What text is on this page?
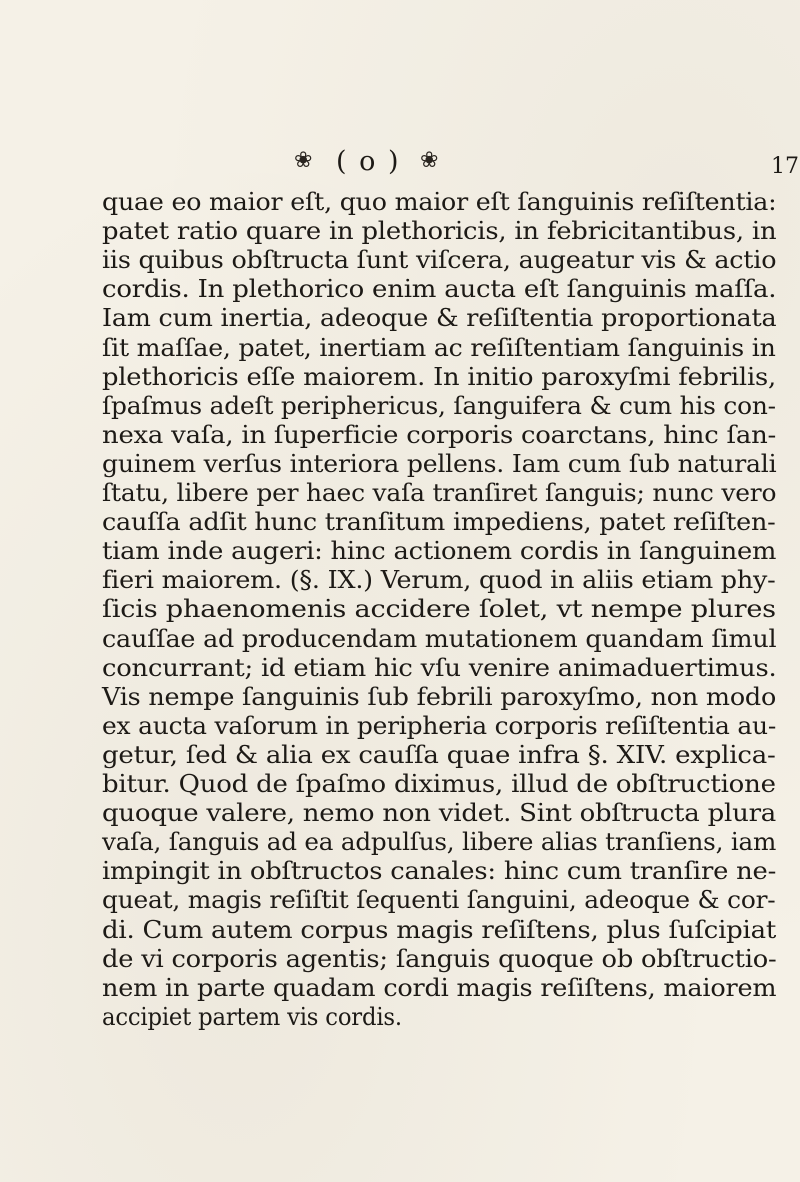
❀ ( o ) ❀	17
quae eo maior eſt, quo maior eſt ſanguinis reſiſtentia:
patet ratio quare in plethoricis, in febricitantibus, in
iis quibus obſtructa ſunt viſcera, augeatur vis & actio
cordis. In plethorico enim aucta eſt ſanguinis maſſa.
Iam cum inertia, adeoque & reſiſtentia proportionata
ſit maſſae, patet, inertiam ac reſiſtentiam ſanguinis in
plethoricis eſſe maiorem. In initio paroxyſmi febrilis,
ſpaſmus adeſt periphericus, ſanguifera & cum his con-
nexa vaſa, in ſuperficie corporis coarctans, hinc ſan-
guinem verſus interiora pellens. Iam cum ſub naturali
ſtatu, libere per haec vaſa tranſiret ſanguis; nunc vero
cauſſa adſit hunc tranſitum impediens, patet reſiſten-
tiam inde augeri: hinc actionem cordis in ſanguinem
fieri maiorem. (§. IX.) Verum, quod in aliis etiam phy-
ſicis phaenomenis accidere ſolet, vt nempe plures
cauſſae ad producendam mutationem quandam ſimul
concurrant; id etiam hic vſu venire animaduertimus.
Vis nempe ſanguinis ſub febrili paroxyſmo, non modo
ex aucta vaſorum in peripheria corporis reſiſtentia au-
getur, ſed & alia ex cauſſa quae infra §. XIV. explica-
bitur. Quod de ſpaſmo diximus, illud de obſtructione
quoque valere, nemo non videt. Sint obſtructa plura
vaſa, ſanguis ad ea adpulſus, libere alias tranſiens, iam
impingit in obſtructos canales: hinc cum tranſire ne-
queat, magis reſiſtit ſequenti ſanguini, adeoque & cor-
di. Cum autem corpus magis reſiſtens, plus ſuſcipiat
de vi corporis agentis; ſanguis quoque ob obſtructio-
nem in parte quadam cordi magis reſiſtens, maiorem
accipiet partem vis cordis.
